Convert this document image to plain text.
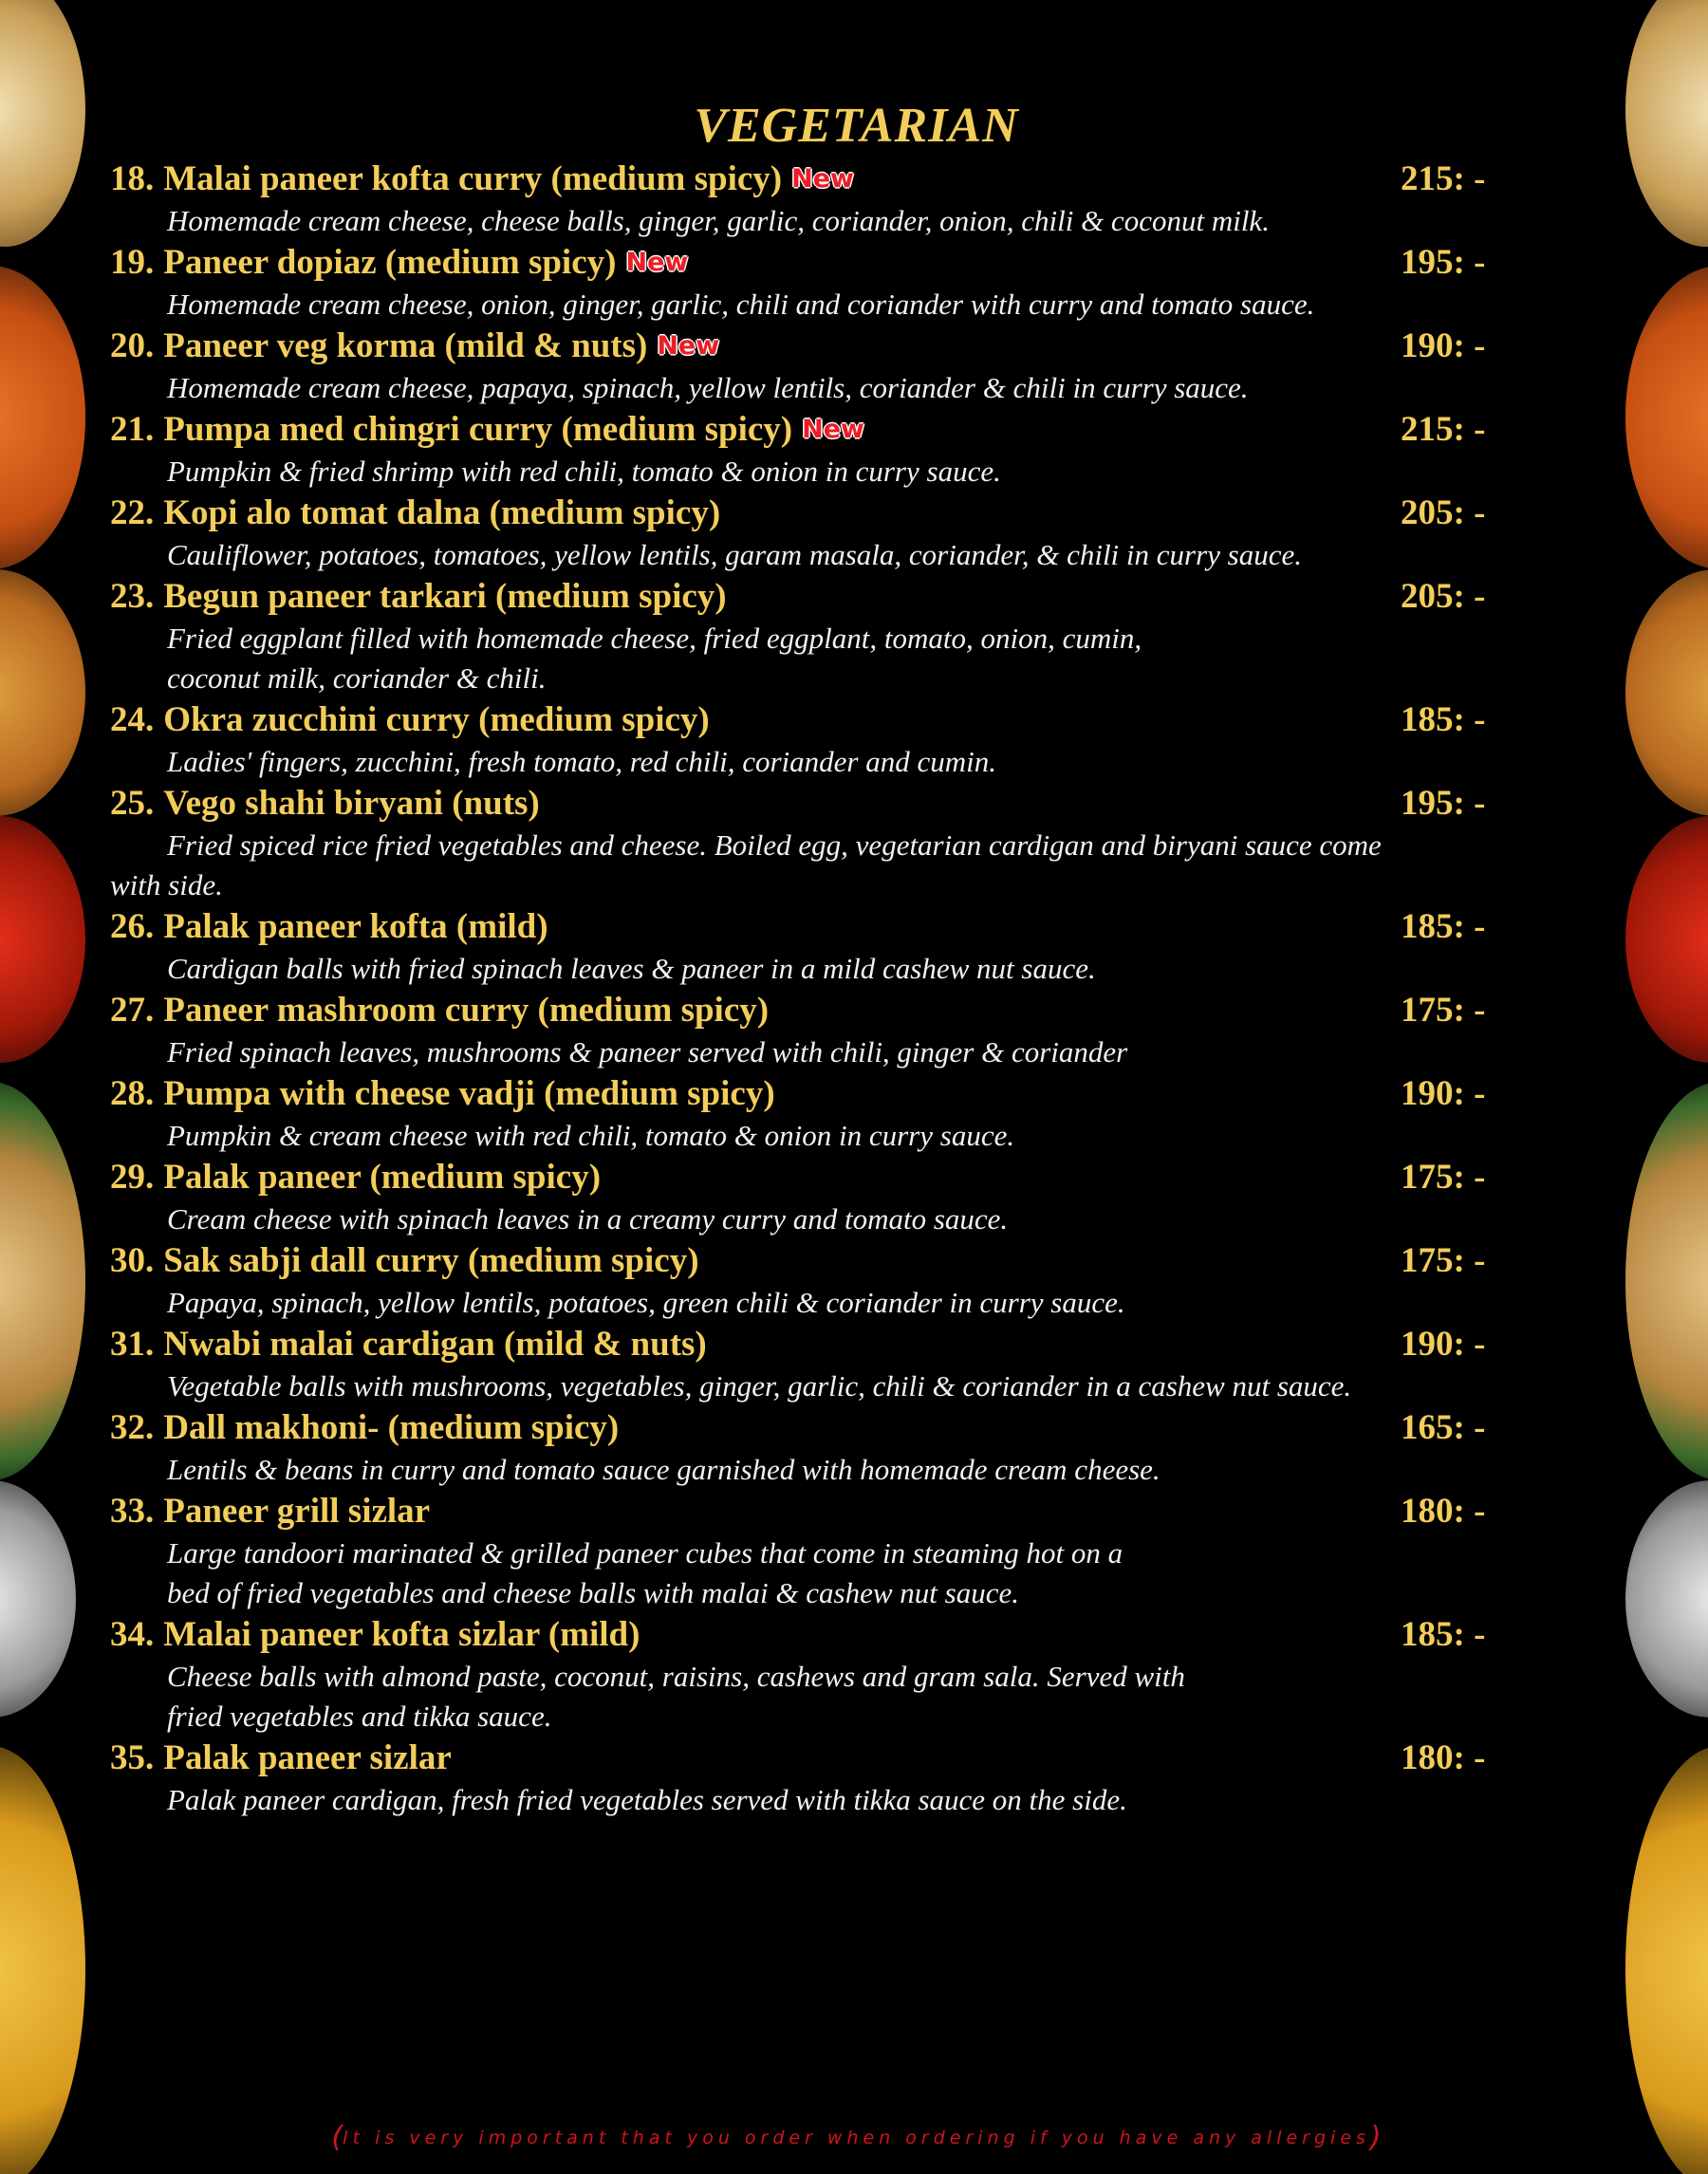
VEGETARIAN
18. Malai paneer kofta curry (medium spicy) New	215: -

Homemade cream cheese, cheese balls, ginger, garlic, coriander, onion, chili & coconut milk.

19. Paneer dopiaz (medium spicy) New	195: -

Homemade cream cheese, onion, ginger, garlic, chili and coriander with curry and tomato sauce.

20. Paneer veg korma (mild & nuts) New	190: -

Homemade cream cheese, papaya, spinach, yellow lentils, coriander & chili in curry sauce.

21. Pumpa med chingri curry (medium spicy) New	215: -

Pumpkin & fried shrimp with red chili, tomato & onion in curry sauce.

22. Kopi alo tomat dalna (medium spicy)	205: -

Cauliflower, potatoes, tomatoes, yellow lentils, garam masala, coriander, & chili in curry sauce.

23. Begun paneer tarkari (medium spicy)	205: -

Fried eggplant filled with homemade cheese, fried eggplant, tomato, onion, cumin,
coconut milk, coriander & chili.

24. Okra zucchini curry (medium spicy)	185: -

Ladies' fingers, zucchini, fresh tomato, red chili, coriander and cumin.

25. Vego shahi biryani (nuts)	195: -

Fried spiced rice fried vegetables and cheese. Boiled egg, vegetarian cardigan and biryani sauce come with side.

26. Palak paneer kofta (mild)	185: -

Cardigan balls with fried spinach leaves & paneer in a mild cashew nut sauce.

27. Paneer mashroom curry (medium spicy)	175: -

Fried spinach leaves, mushrooms & paneer served with chili, ginger & coriander

28. Pumpa with cheese vadji (medium spicy)	190: -

Pumpkin & cream cheese with red chili, tomato & onion in curry sauce.

29. Palak paneer (medium spicy)	175: -

Cream cheese with spinach leaves in a creamy curry and tomato sauce.

30. Sak sabji dall curry (medium spicy)	175: -

Papaya, spinach, yellow lentils, potatoes, green chili & coriander in curry sauce.

31. Nwabi malai cardigan (mild & nuts)	190: -

Vegetable balls with mushrooms, vegetables, ginger, garlic, chili & coriander in a cashew nut sauce.

32. Dall makhoni- (medium spicy)	165: -

Lentils & beans in curry and tomato sauce garnished with homemade cream cheese.

33. Paneer grill sizlar	180: -

Large tandoori marinated & grilled paneer cubes that come in steaming hot on a
bed of fried vegetables and cheese balls with malai & cashew nut sauce.

34. Malai paneer kofta sizlar (mild)	185: -

Cheese balls with almond paste, coconut, raisins, cashews and gram sala. Served with
fried vegetables and tikka sauce.

35. Palak paneer sizlar	180: -

Palak paneer cardigan, fresh fried vegetables served with tikka sauce on the side.

(It is very important that you order when ordering if you have any allergies)
